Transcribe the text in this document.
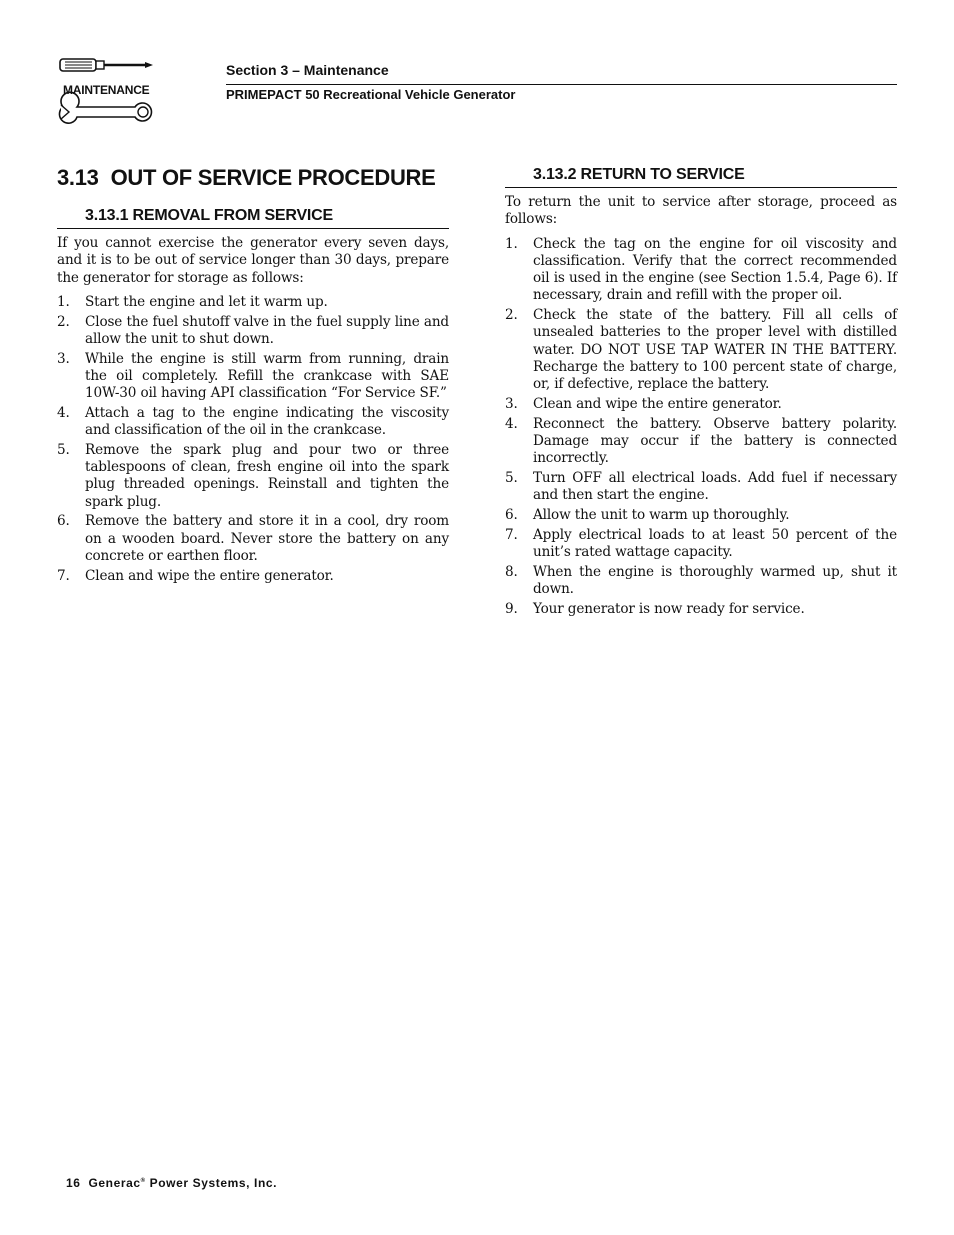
MAINTENANCE
Section 3 – Maintenance
PRIMEPACT 50 Recreational Vehicle Generator
3.13 OUT OF SERVICE PROCEDURE
3.13.1 REMOVAL FROM SERVICE

If you cannot exercise the generator every seven days, and it is to be out of service longer than 30 days, prepare the generator for storage as follows:

1. Start the engine and let it warm up.
2. Close the fuel shutoff valve in the fuel supply line and allow the unit to shut down.
3. While the engine is still warm from running, drain the oil completely. Refill the crankcase with SAE 10W-30 oil having API classification “For Service SF.”
4. Attach a tag to the engine indicating the viscosity and classification of the oil in the crankcase.
5. Remove the spark plug and pour two or three tablespoons of clean, fresh engine oil into the spark plug threaded openings. Reinstall and tighten the spark plug.
6. Remove the battery and store it in a cool, dry room on a wooden board. Never store the battery on any concrete or earthen floor.
7. Clean and wipe the entire generator.
3.13.2 RETURN TO SERVICE

To return the unit to service after storage, proceed as follows:

1. Check the tag on the engine for oil viscosity and classification. Verify that the correct recommended oil is used in the engine (see Section 1.5.4, Page 6). If necessary, drain and refill with the proper oil.
2. Check the state of the battery. Fill all cells of unsealed batteries to the proper level with distilled water. DO NOT USE TAP WATER IN THE BATTERY. Recharge the battery to 100 percent state of charge, or, if defective, replace the battery.
3. Clean and wipe the entire generator.
4. Reconnect the battery. Observe battery polarity. Damage may occur if the battery is connected incorrectly.
5. Turn OFF all electrical loads. Add fuel if necessary and then start the engine.
6. Allow the unit to warm up thoroughly.
7. Apply electrical loads to at least 50 percent of the unit’s rated wattage capacity.
8. When the engine is thoroughly warmed up, shut it down.
9. Your generator is now ready for service.
16 Generac® Power Systems, Inc.
